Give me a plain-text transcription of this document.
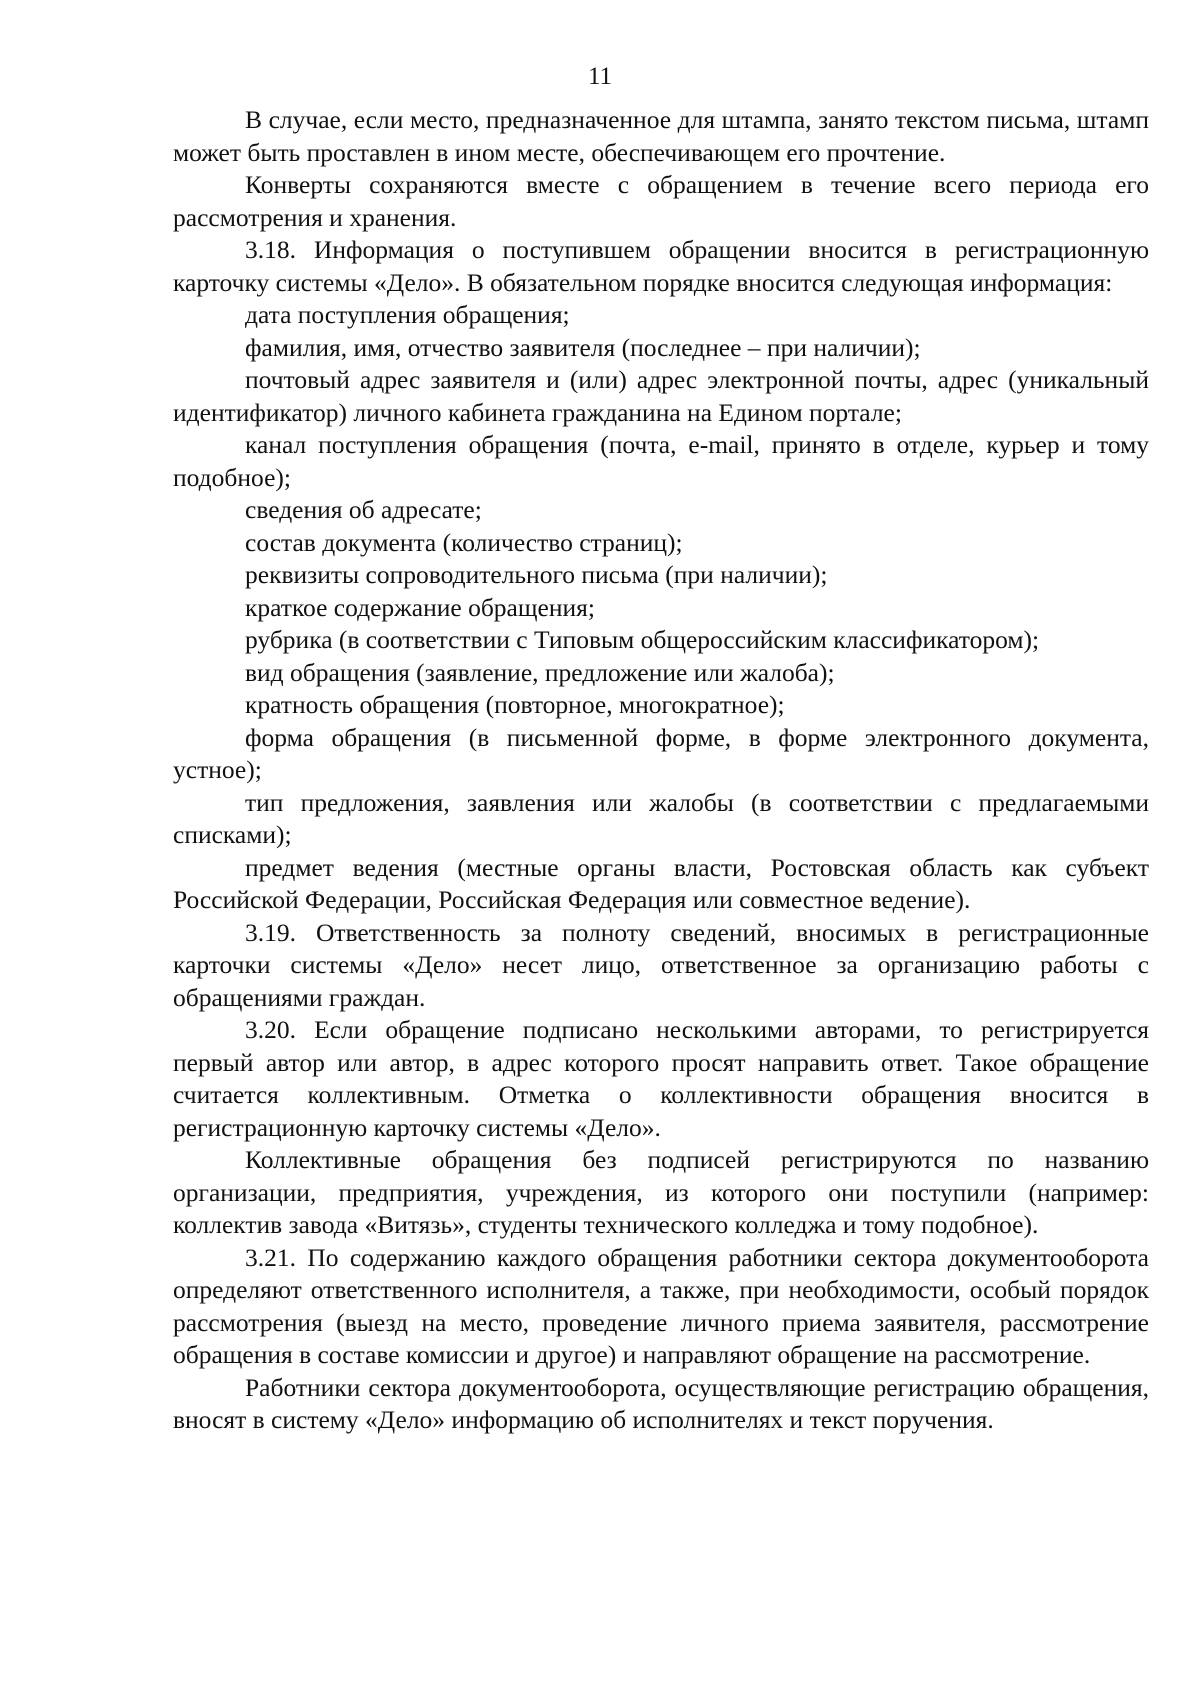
11

В случае, если место, предназначенное для штампа, занято текстом письма, штамп может быть проставлен в ином месте, обеспечивающем его прочтение.

Конверты сохраняются вместе с обращением в течение всего периода его рассмотрения и хранения.

3.18. Информация о поступившем обращении вносится в регистрационную карточку системы «Дело». В обязательном порядке вносится следующая информация:

дата поступления обращения;

фамилия, имя, отчество заявителя (последнее – при наличии);

почтовый адрес заявителя и (или) адрес электронной почты, адрес (уникальный идентификатор) личного кабинета гражданина на Едином портале;

канал поступления обращения (почта, e-mail, принято в отделе, курьер и тому подобное);

сведения об адресате;

состав документа (количество страниц);

реквизиты сопроводительного письма (при наличии);

краткое содержание обращения;

рубрика (в соответствии с Типовым общероссийским классификатором);

вид обращения (заявление, предложение или жалоба);

кратность обращения (повторное, многократное);

форма обращения (в письменной форме, в форме электронного документа, устное);

тип предложения, заявления или жалобы (в соответствии с предлагаемыми списками);

предмет ведения (местные органы власти, Ростовская область как субъект Российской Федерации, Российская Федерация или совместное ведение).

3.19. Ответственность за полноту сведений, вносимых в регистрационные карточки системы «Дело» несет лицо, ответственное за организацию работы с обращениями граждан.

3.20. Если обращение подписано несколькими авторами, то регистрируется первый автор или автор, в адрес которого просят направить ответ. Такое обращение считается коллективным. Отметка о коллективности обращения вносится в регистрационную карточку системы «Дело».

Коллективные обращения без подписей регистрируются по названию организации, предприятия, учреждения, из которого они поступили (например: коллектив завода «Витязь», студенты технического колледжа и тому подобное).

3.21. По содержанию каждого обращения работники сектора документооборота определяют ответственного исполнителя, а также, при необходимости, особый порядок рассмотрения (выезд на место, проведение личного приема заявителя, рассмотрение обращения в составе комиссии и другое) и направляют обращение на рассмотрение.

Работники сектора документооборота, осуществляющие регистрацию обращения, вносят в систему «Дело» информацию об исполнителях и текст поручения.
